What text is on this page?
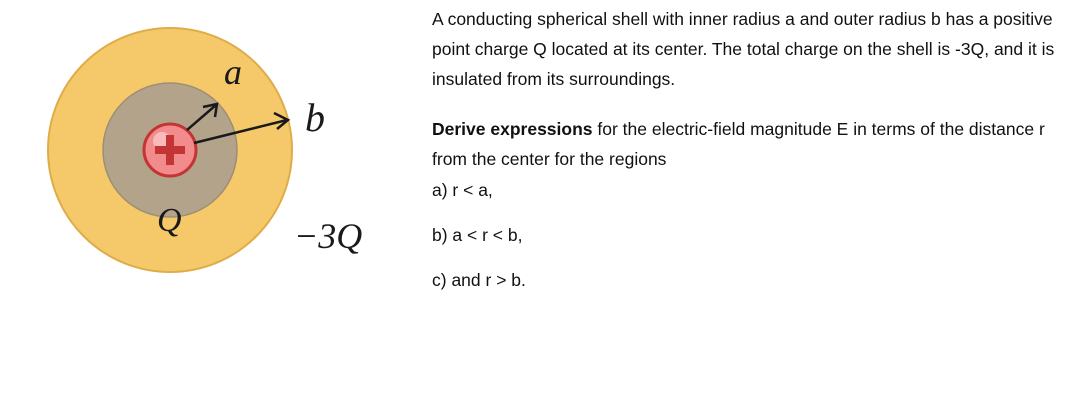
a
b
Q	−3Q

A conducting spherical shell with inner radius a and outer radius b has a positive point charge Q located at its center. The total charge on the shell is -3Q, and it is insulated from its surroundings.

Derive expressions for the electric-field magnitude E in terms of the distance r from the center for the regions

a) r < a,
b) a < r < b,
c) and r > b.
